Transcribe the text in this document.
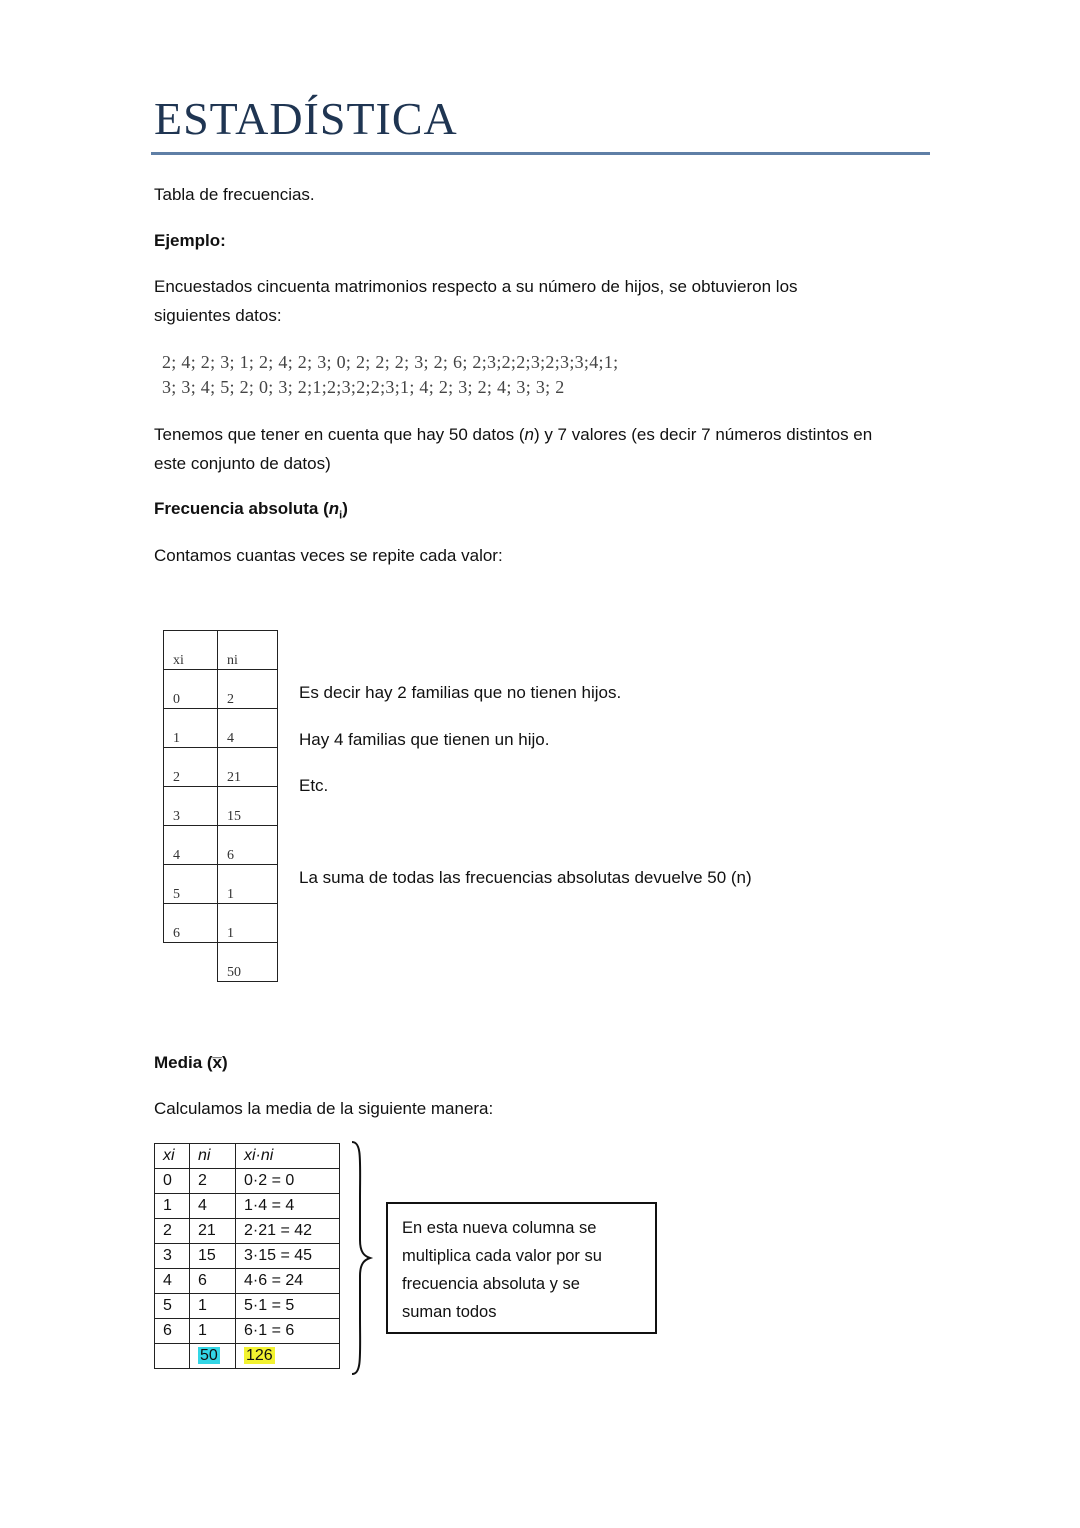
ESTADÍSTICA

Tabla de frecuencias.

Ejemplo:

Encuestados cincuenta matrimonios respecto a su número de hijos, se obtuvieron los
siguientes datos:

2; 4; 2; 3; 1; 2; 4; 2; 3; 0; 2; 2; 2; 3; 2; 6; 2;3;2;2;3;2;3;3;4;1;
3; 3; 4; 5; 2; 0; 3; 2;1;2;3;2;2;3;1; 4; 2; 3; 2; 4; 3; 3; 2

Tenemos que tener en cuenta que hay 50 datos (n) y 7 valores (es decir 7 números distintos en
este conjunto de datos)

Frecuencia absoluta $(n_i)$

Contamos cuantas veces se repite cada valor:

xi	ni
0	2
1	4
2	21
3	15
4	6
5	1
6	1
	50
Es decir hay 2 familias que no tienen hijos.
Hay 4 familias que tienen un hijo.
Etc.
La suma de todas las frecuencias absolutas devuelve 50 (n)

Media (x̅)

Calculamos la media de la siguiente manera:

xi	ni	xi·ni
0	2	0·2 = 0
1	4	1·4 = 4
2	21	2·21 = 42
3	15	3·15 = 45
4	6	4·6 = 24
5	1	5·1 = 5
6	1	6·1 = 6
	50	126
En esta nueva columna se
multiplica cada valor por su
frecuencia absoluta y se
suman todos
